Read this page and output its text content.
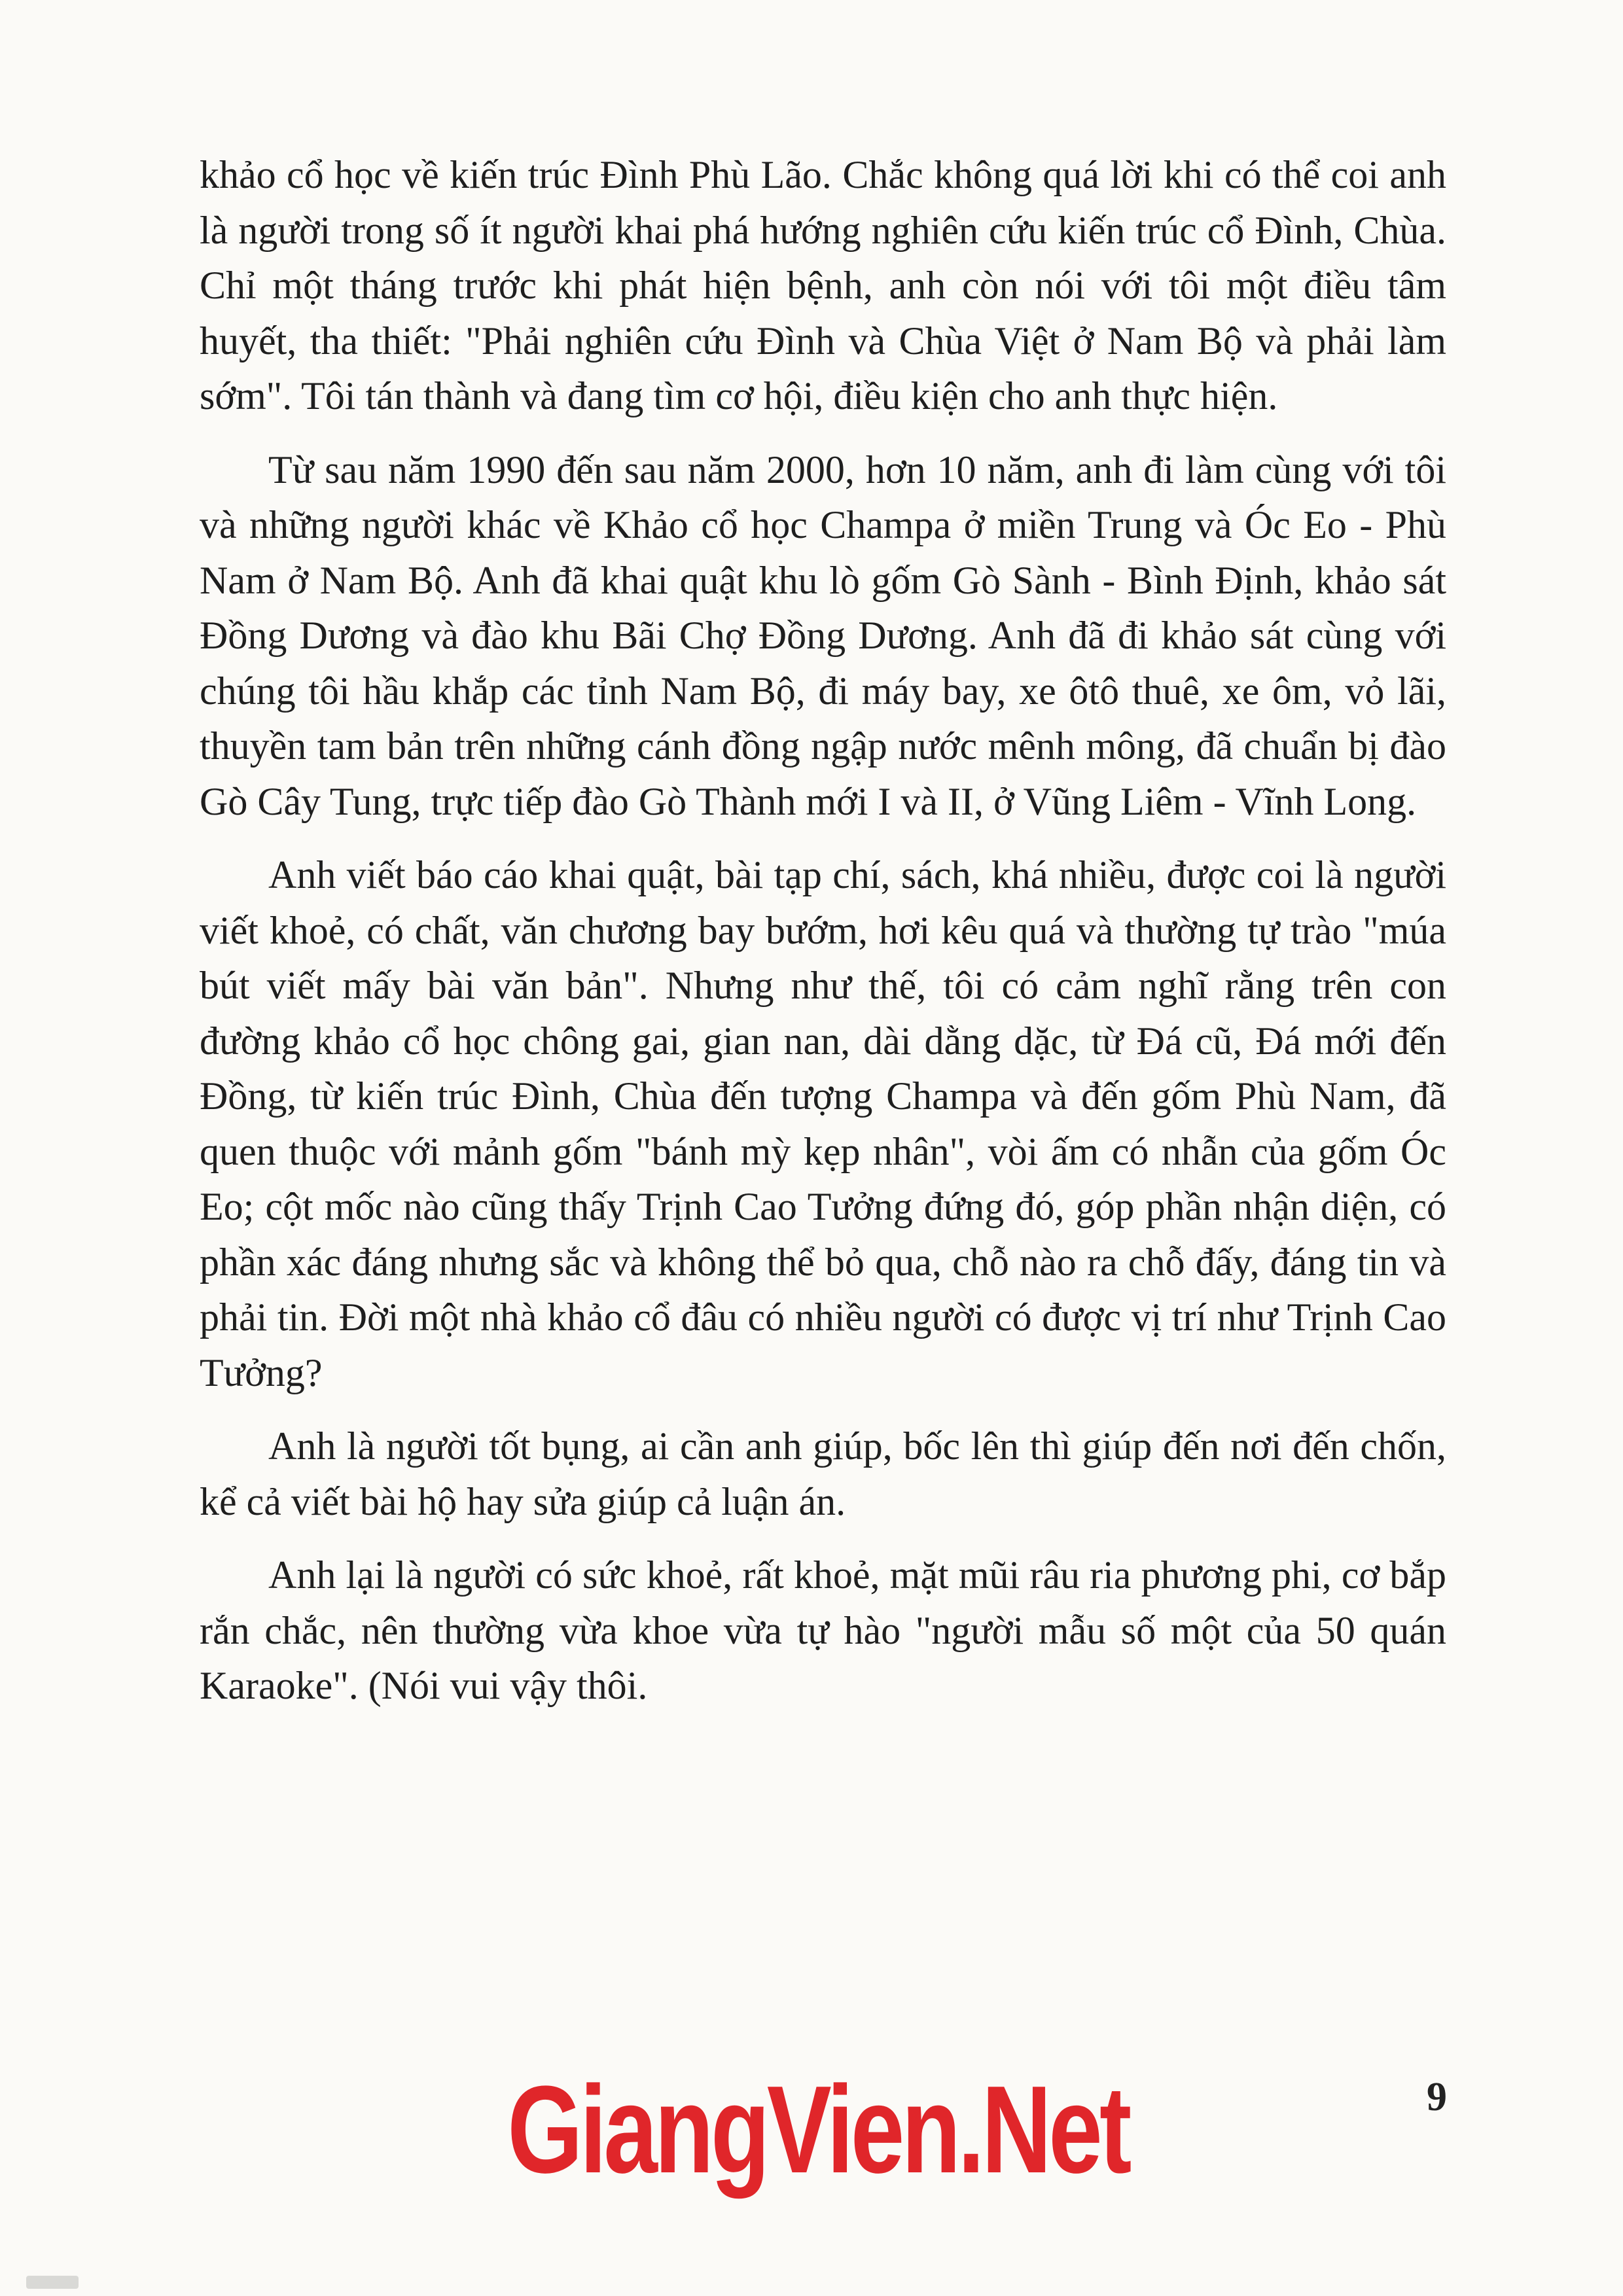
khảo cổ học về kiến trúc Đình Phù Lão. Chắc không quá lời khi có thể coi anh là người trong số ít người khai phá hướng nghiên cứu kiến trúc cổ Đình, Chùa. Chỉ một tháng trước khi phát hiện bệnh, anh còn nói với tôi một điều tâm huyết, tha thiết: "Phải nghiên cứu Đình và Chùa Việt ở Nam Bộ và phải làm sớm". Tôi tán thành và đang tìm cơ hội, điều kiện cho anh thực hiện.

Từ sau năm 1990 đến sau năm 2000, hơn 10 năm, anh đi làm cùng với tôi và những người khác về Khảo cổ học Champa ở miền Trung và Óc Eo - Phù Nam ở Nam Bộ. Anh đã khai quật khu lò gốm Gò Sành - Bình Định, khảo sát Đồng Dương và đào khu Bãi Chợ Đồng Dương. Anh đã đi khảo sát cùng với chúng tôi hầu khắp các tỉnh Nam Bộ, đi máy bay, xe ôtô thuê, xe ôm, vỏ lãi, thuyền tam bản trên những cánh đồng ngập nước mênh mông, đã chuẩn bị đào Gò Cây Tung, trực tiếp đào Gò Thành mới I và II, ở Vũng Liêm - Vĩnh Long.

Anh viết báo cáo khai quật, bài tạp chí, sách, khá nhiều, được coi là người viết khoẻ, có chất, văn chương bay bướm, hơi kêu quá và thường tự trào "múa bút viết mấy bài văn bản". Nhưng như thế, tôi có cảm nghĩ rằng trên con đường khảo cổ học chông gai, gian nan, dài dằng dặc, từ Đá cũ, Đá mới đến Đồng, từ kiến trúc Đình, Chùa đến tượng Champa và đến gốm Phù Nam, đã quen thuộc với mảnh gốm "bánh mỳ kẹp nhân", vòi ấm có nhẫn của gốm Óc Eo; cột mốc nào cũng thấy Trịnh Cao Tưởng đứng đó, góp phần nhận diện, có phần xác đáng nhưng sắc và không thể bỏ qua, chỗ nào ra chỗ đấy, đáng tin và phải tin. Đời một nhà khảo cổ đâu có nhiều người có được vị trí như Trịnh Cao Tưởng?

Anh là người tốt bụng, ai cần anh giúp, bốc lên thì giúp đến nơi đến chốn, kể cả viết bài hộ hay sửa giúp cả luận án.

Anh lại là người có sức khoẻ, rất khoẻ, mặt mũi râu ria phương phi, cơ bắp rắn chắc, nên thường vừa khoe vừa tự hào "người mẫu số một của 50 quán Karaoke". (Nói vui vậy thôi.

GiangVien.Net	9
